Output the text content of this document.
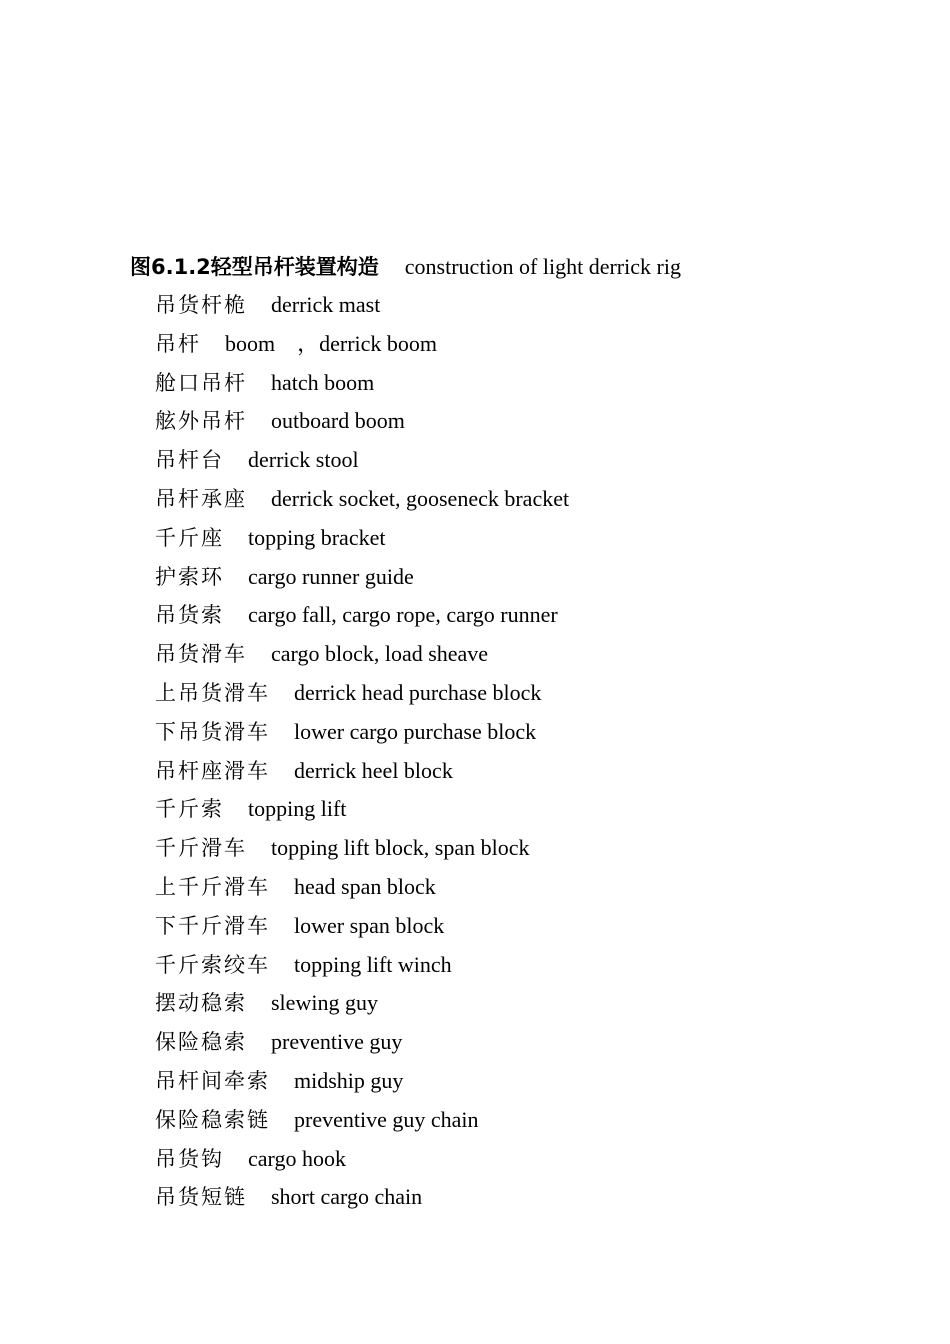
图6.1.2轻型吊杆装置构造 construction of light derrick rig
吊货杆桅 derrick mast
吊杆 boom　，derrick boom
舱口吊杆 hatch boom
舷外吊杆 outboard boom
吊杆台 derrick stool
吊杆承座 derrick socket, gooseneck bracket
千斤座 topping bracket
护索环 cargo runner guide
吊货索 cargo fall, cargo rope, cargo runner
吊货滑车 cargo block, load sheave
上吊货滑车 derrick head purchase block
下吊货滑车 lower cargo purchase block
吊杆座滑车 derrick heel block
千斤索 topping lift
千斤滑车 topping lift block, span block
上千斤滑车 head span block
下千斤滑车 lower span block
千斤索绞车 topping lift winch
摆动稳索 slewing guy
保险稳索 preventive guy
吊杆间牵索 midship guy
保险稳索链 preventive guy chain
吊货钩 cargo hook
吊货短链 short cargo chain
